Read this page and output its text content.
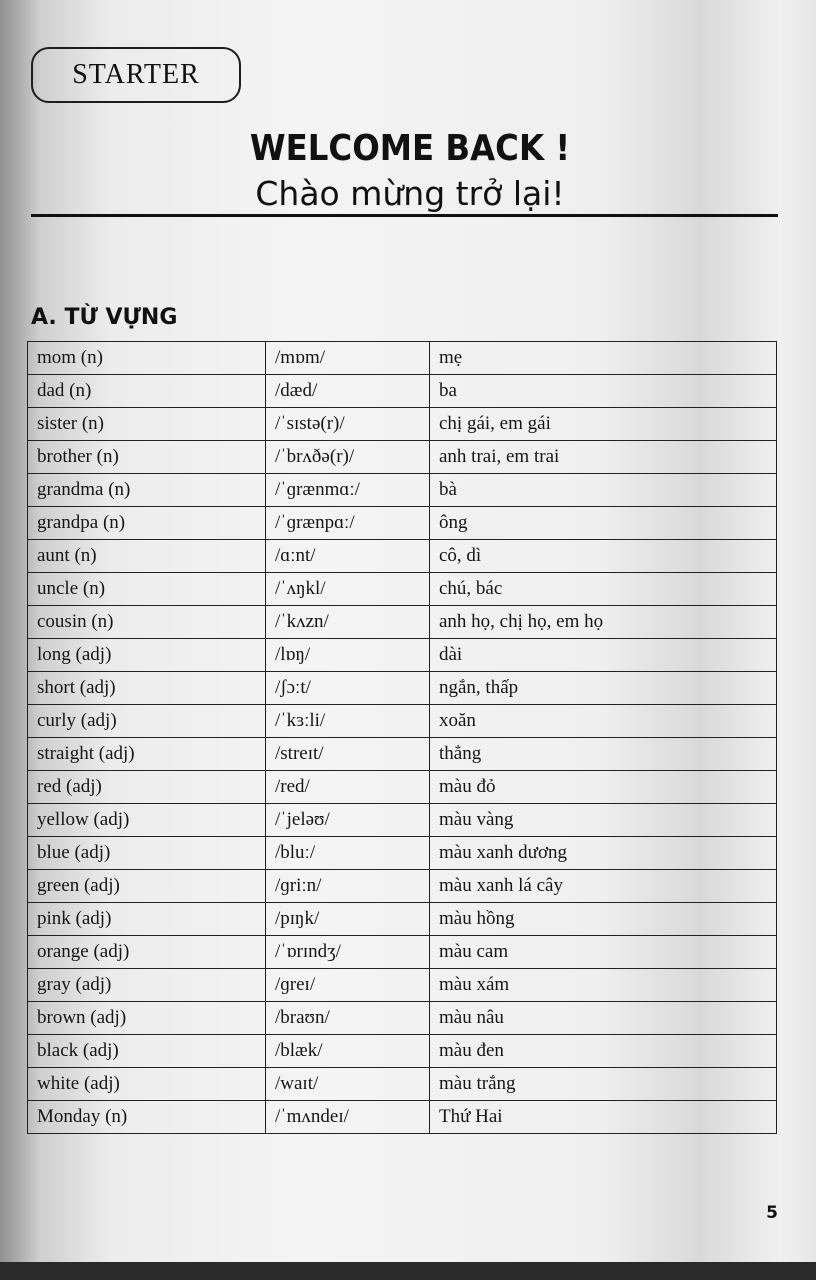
STARTER
WELCOME BACK !
Chào mừng trở lại!
A. TỪ VỰNG
mom (n)	/mɒm/	mẹ
dad (n)	/dæd/	ba
sister (n)	/ˈsɪstə(r)/	chị gái, em gái
brother (n)	/ˈbrʌðə(r)/	anh trai, em trai
grandma (n)	/ˈɡrænmɑː/	bà
grandpa (n)	/ˈɡrænpɑː/	ông
aunt (n)	/ɑːnt/	cô, dì
uncle (n)	/ˈʌŋkl/	chú, bác
cousin (n)	/ˈkʌzn/	anh họ, chị họ, em họ
long (adj)	/lɒŋ/	dài
short (adj)	/ʃɔːt/	ngắn, thấp
curly (adj)	/ˈkɜːli/	xoăn
straight (adj)	/streɪt/	thẳng
red (adj)	/red/	màu đỏ
yellow (adj)	/ˈjeləʊ/	màu vàng
blue (adj)	/bluː/	màu xanh dương
green (adj)	/ɡriːn/	màu xanh lá cây
pink (adj)	/pɪŋk/	màu hồng
orange (adj)	/ˈɒrɪndʒ/	màu cam
gray (adj)	/ɡreɪ/	màu xám
brown (adj)	/braʊn/	màu nâu
black (adj)	/blæk/	màu đen
white (adj)	/waɪt/	màu trắng
Monday (n)	/ˈmʌndeɪ/	Thứ Hai
5
